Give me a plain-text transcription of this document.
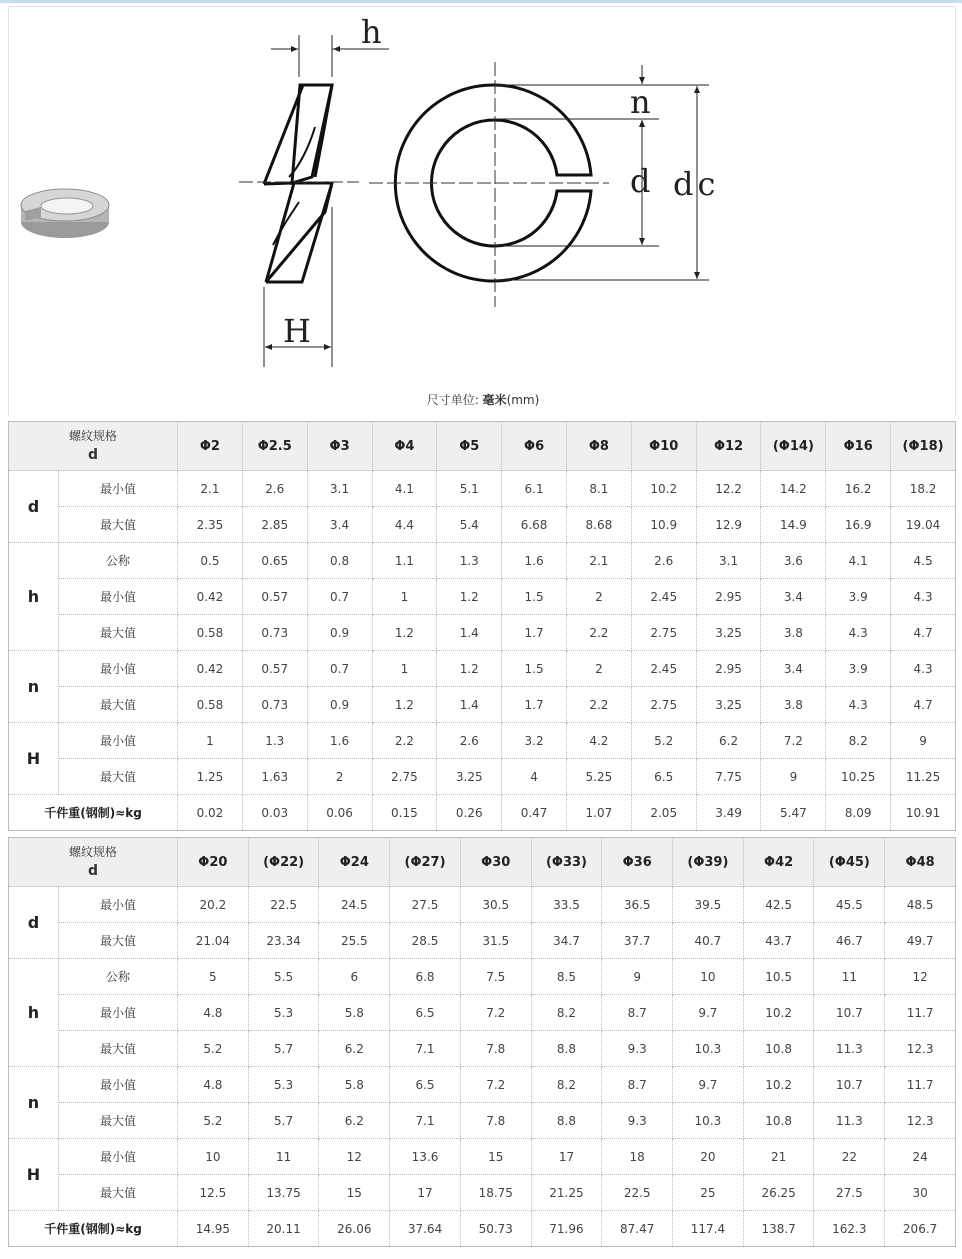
h
H
n
d dc
尺寸单位: 毫米(mm)
螺纹规格
d		Φ2	Φ2.5	Φ3	Φ4	Φ5	Φ6	Φ8	Φ10	Φ12	(Φ14)	Φ16	(Φ18)
d	最小值	2.1	2.6	3.1	4.1	5.1	6.1	8.1	10.2	12.2	14.2	16.2	18.2
	最大值	2.35	2.85	3.4	4.4	5.4	6.68	8.68	10.9	12.9	14.9	16.9	19.04
h	公称	0.5	0.65	0.8	1.1	1.3	1.6	2.1	2.6	3.1	3.6	4.1	4.5
	最小值	0.42	0.57	0.7	1	1.2	1.5	2	2.45	2.95	3.4	3.9	4.3
	最大值	0.58	0.73	0.9	1.2	1.4	1.7	2.2	2.75	3.25	3.8	4.3	4.7
n	最小值	0.42	0.57	0.7	1	1.2	1.5	2	2.45	2.95	3.4	3.9	4.3
	最大值	0.58	0.73	0.9	1.2	1.4	1.7	2.2	2.75	3.25	3.8	4.3	4.7
H	最小值	1	1.3	1.6	2.2	2.6	3.2	4.2	5.2	6.2	7.2	8.2	9
	最大值	1.25	1.63	2	2.75	3.25	4	5.25	6.5	7.75	9	10.25	11.25
千件重(钢制)≈kg		0.02	0.03	0.06	0.15	0.26	0.47	1.07	2.05	3.49	5.47	8.09	10.91
螺纹规格
d		Φ20	(Φ22)	Φ24	(Φ27)	Φ30	(Φ33)	Φ36	(Φ39)	Φ42	(Φ45)	Φ48
d	最小值	20.2	22.5	24.5	27.5	30.5	33.5	36.5	39.5	42.5	45.5	48.5
	最大值	21.04	23.34	25.5	28.5	31.5	34.7	37.7	40.7	43.7	46.7	49.7
h	公称	5	5.5	6	6.8	7.5	8.5	9	10	10.5	11	12
	最小值	4.8	5.3	5.8	6.5	7.2	8.2	8.7	9.7	10.2	10.7	11.7
	最大值	5.2	5.7	6.2	7.1	7.8	8.8	9.3	10.3	10.8	11.3	12.3
n	最小值	4.8	5.3	5.8	6.5	7.2	8.2	8.7	9.7	10.2	10.7	11.7
	最大值	5.2	5.7	6.2	7.1	7.8	8.8	9.3	10.3	10.8	11.3	12.3
H	最小值	10	11	12	13.6	15	17	18	20	21	22	24
	最大值	12.5	13.75	15	17	18.75	21.25	22.5	25	26.25	27.5	30
千件重(钢制)≈kg		14.95	20.11	26.06	37.64	50.73	71.96	87.47	117.4	138.7	162.3	206.7
